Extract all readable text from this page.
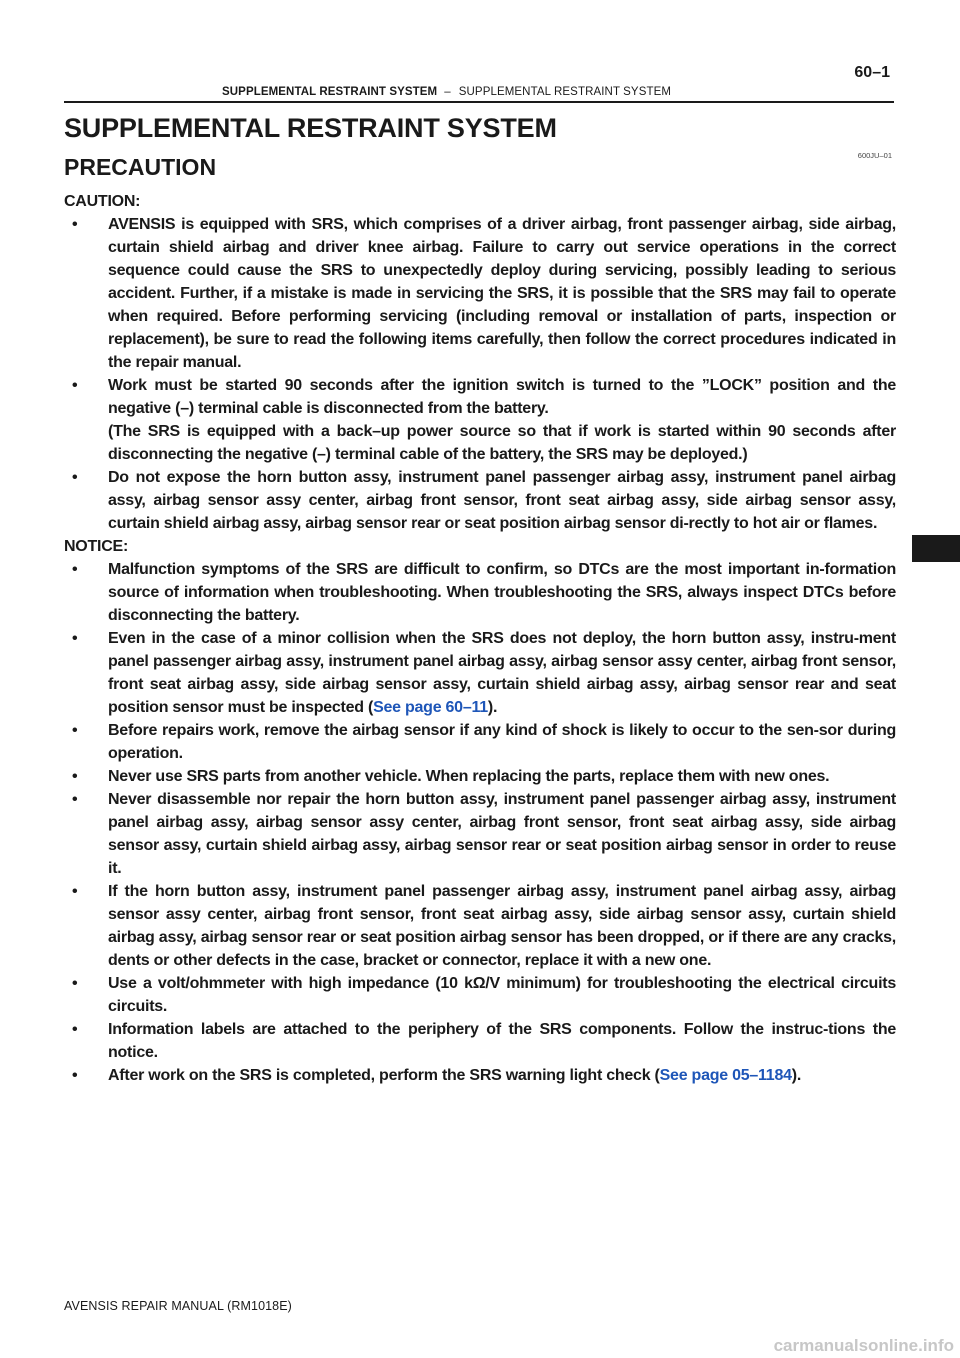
SUPPLEMENTAL RESTRAINT SYSTEM – SUPPLEMENTAL RESTRAINT SYSTEM
60–1
SUPPLEMENTAL RESTRAINT SYSTEM
PRECAUTION	600JU–01

CAUTION:

• AVENSIS is equipped with SRS, which comprises of a driver airbag, front passenger airbag, side airbag, curtain shield airbag and driver knee airbag. Failure to carry out service operations in the correct sequence could cause the SRS to unexpectedly deploy during servicing, possibly leading to serious accident. Further, if a mistake is made in servicing the SRS, it is possible that the SRS may fail to operate when required. Before performing servicing (including removal or installation of parts, inspection or replacement), be sure to read the following items carefully, then follow the correct procedures indicated in the repair manual.
• Work must be started 90 seconds after the ignition switch is turned to the ”LOCK” position and the negative (–) terminal cable is disconnected from the battery.
(The SRS is equipped with a back–up power source so that if work is started within 90 seconds after disconnecting the negative (–) terminal cable of the battery, the SRS may be deployed.)
• Do not expose the horn button assy, instrument panel passenger airbag assy, instrument panel airbag assy, airbag sensor assy center, airbag front sensor, front seat airbag assy, side airbag sensor assy, curtain shield airbag assy, airbag sensor rear or seat position airbag sensor di-rectly to hot air or flames.

NOTICE:

• Malfunction symptoms of the SRS are difficult to confirm, so DTCs are the most important in-formation source of information when troubleshooting. When troubleshooting the SRS, always inspect DTCs before disconnecting the battery.
• Even in the case of a minor collision when the SRS does not deploy, the horn button assy, instru-ment panel passenger airbag assy, instrument panel airbag assy, airbag sensor assy center, airbag front sensor, front seat airbag assy, side airbag sensor assy, curtain shield airbag assy, airbag sensor rear and seat position sensor must be inspected (See page 60–11).
• Before repairs work, remove the airbag sensor if any kind of shock is likely to occur to the sen-sor during operation.
• Never use SRS parts from another vehicle. When replacing the parts, replace them with new ones.
• Never disassemble nor repair the horn button assy, instrument panel passenger airbag assy, instrument panel airbag assy, airbag sensor assy center, airbag front sensor, front seat airbag assy, side airbag sensor assy, curtain shield airbag assy, airbag sensor rear or seat position airbag sensor in order to reuse it.
• If the horn button assy, instrument panel passenger airbag assy, instrument panel airbag assy, airbag sensor assy center, airbag front sensor, front seat airbag assy, side airbag sensor assy, curtain shield airbag assy, airbag sensor rear or seat position airbag sensor has been dropped, or if there are any cracks, dents or other defects in the case, bracket or connector, replace it with a new one.
• Use a volt/ohmmeter with high impedance (10 kΩ/V minimum) for troubleshooting the electrical circuits circuits.
• Information labels are attached to the periphery of the SRS components. Follow the instruc-tions the notice.
• After work on the SRS is completed, perform the SRS warning light check (See page 05–1184).
AVENSIS REPAIR MANUAL (RM1018E)
carmanualsonline.info
